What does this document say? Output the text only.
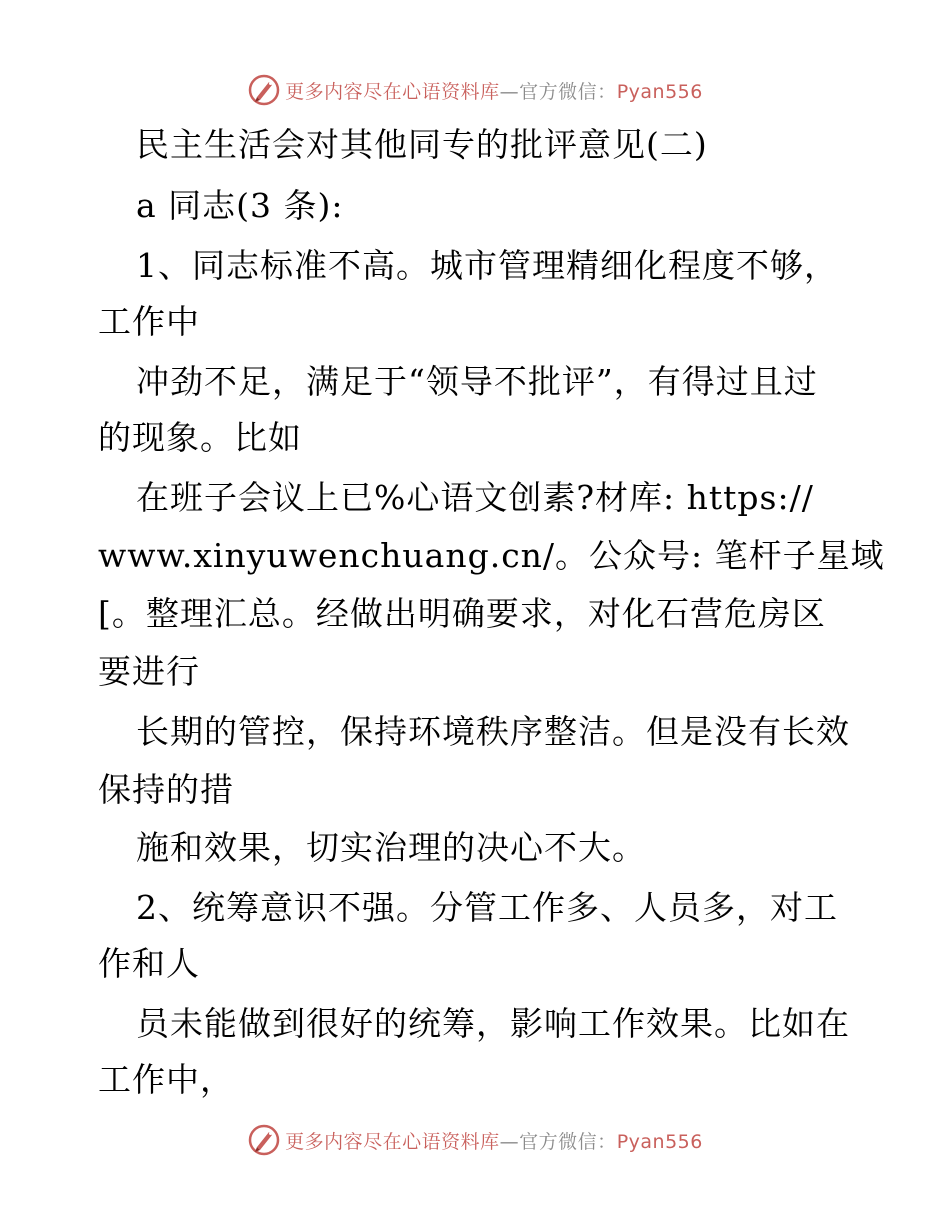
更多内容尽在心语资料库—官方微信：Pyan556
民主生活会对其他同专的批评意见(二)
a 同志(3 条):
1、同志标准不高。城市管理精细化程度不够，
工作中
冲劲不足，满足于“领导不批评”，有得过且过
的现象。比如
在班子会议上已%心语文创素?材库: https://
www.xinyuwenchuang.cn/。公众号: 笔杆子星域
[。整理汇总。经做出明确要求，对化石营危房区
要进行
长期的管控，保持环境秩序整洁。但是没有长效
保持的措
施和效果，切实治理的决心不大。
2、统筹意识不强。分管工作多、人员多，对工
作和人
员未能做到很好的统筹，影响工作效果。比如在
工作中，
更多内容尽在心语资料库—官方微信：Pyan556
